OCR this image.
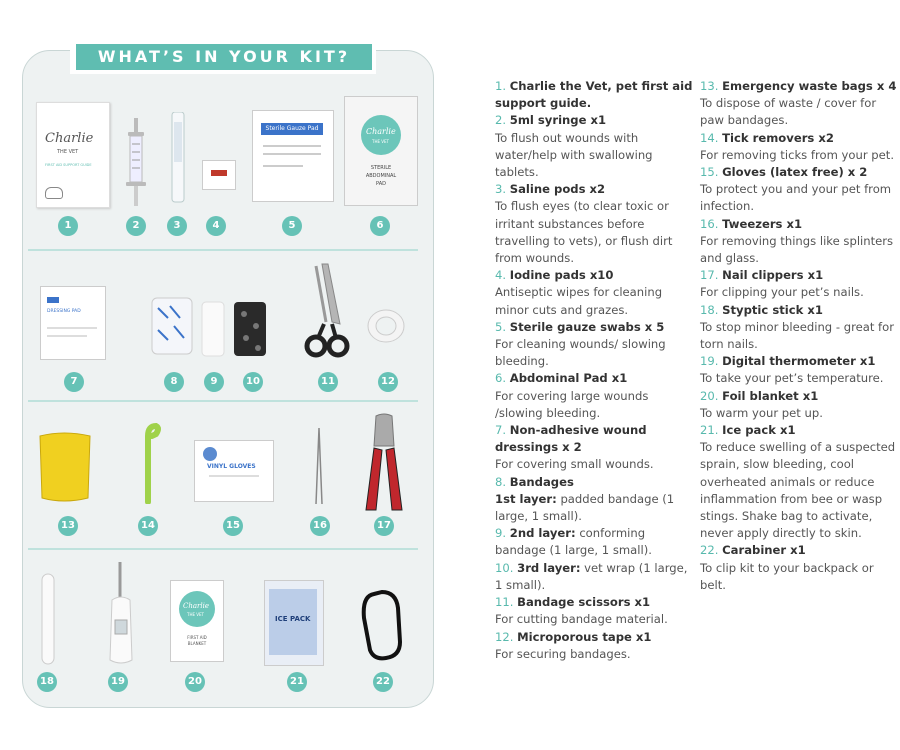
WHAT’S IN YOUR KIT?
Charlie
THE VET
FIRST AID SUPPORT GUIDE
Sterile Gauze Pad	Charlie
THE VET
STERILE
ABDOMINAL
PAD
DRESSING PAD
VINYL GLOVES
Charlie
THE VET
FIRST AID
BLANKET
ICE PACK
1	2	3	4	5	6
7	8	9	10	11	12
13	14	15	16	17
18	19	20	21	22

1. Charlie the Vet, pet first aid support guide.

2. 5ml syringe x1
To flush out wounds with water/help with swallowing tablets.

3. Saline pods x2
To flush eyes (to clear toxic or irritant substances before travelling to vets), or flush dirt from wounds.

4. Iodine pads x10
Antiseptic wipes for cleaning minor cuts and grazes.

5. Sterile gauze swabs x 5
For cleaning wounds/ slowing bleeding.

6. Abdominal Pad x1
For covering large wounds /slowing bleeding.

7. Non-adhesive wound dressings x 2
For covering small wounds.

8. Bandages

1st layer: padded bandage (1 large, 1 small).

9. 2nd layer: conforming bandage (1 large, 1 small).

10. 3rd layer: vet wrap (1 large, 1 small).

11. Bandage scissors x1
For cutting bandage material.

12. Microporous tape x1
For securing bandages.

13. Emergency waste bags x 4
To dispose of waste / cover for paw bandages.

14. Tick removers x2
For removing ticks from your pet.

15. Gloves (latex free) x 2
To protect you and your pet from infection.

16. Tweezers x1
For removing things like splinters and glass.

17. Nail clippers x1
For clipping your pet’s nails.

18. Styptic stick x1
To stop minor bleeding - great for torn nails.

19. Digital thermometer x1
To take your pet’s temperature.

20. Foil blanket x1
To warm your pet up.

21. Ice pack x1
To reduce swelling of a suspected sprain, slow bleeding, cool overheated animals or reduce inflammation from bee or wasp stings. Shake bag to activate, never apply directly to skin.

22. Carabiner x1
To clip kit to your backpack or belt.
